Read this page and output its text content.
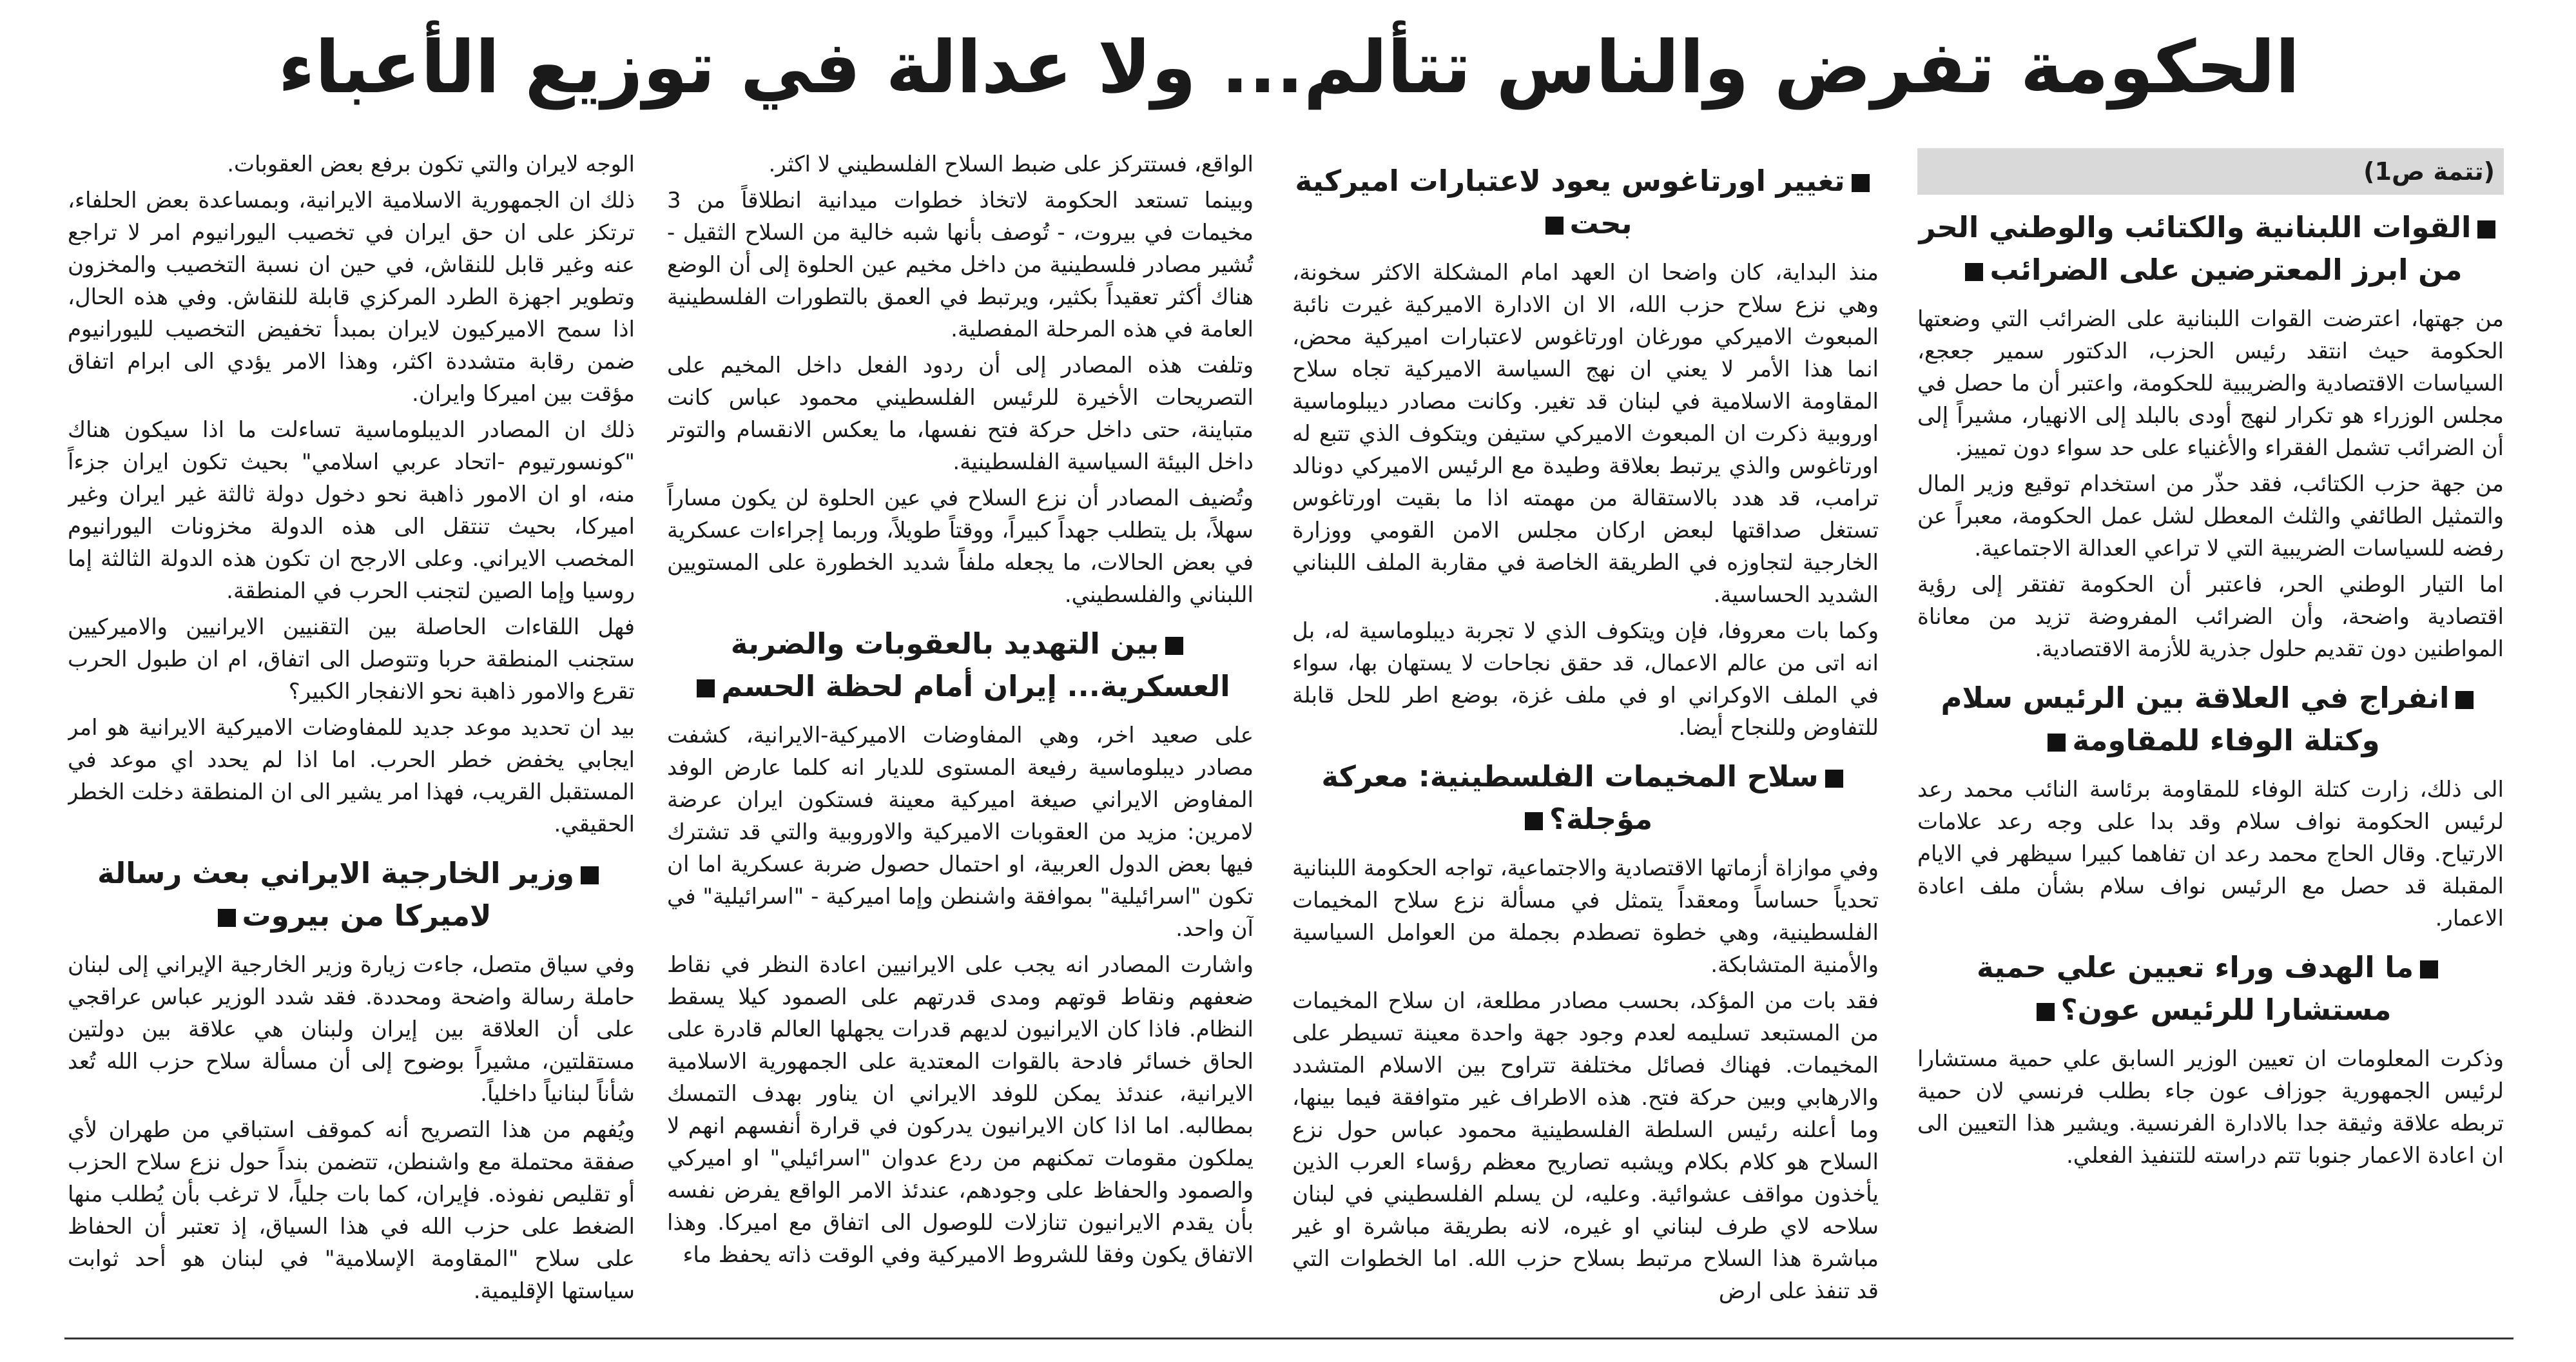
الحكومة تفرض والناس تتألم... ولا عدالة في توزيع الأعباء
(تتمة ص1)
القوات اللبنانية والكتائب والوطني الحر من ابرز المعترضين على الضرائب

من جهتها، اعترضت القوات اللبنانية على الضرائب التي وضعتها الحكومة حيث انتقد رئيس الحزب، الدكتور سمير جعجع، السياسات الاقتصادية والضريبية للحكومة، واعتبر أن ما حصل في مجلس الوزراء هو تكرار لنهج أودى بالبلد إلى الانهيار، مشيراً إلى أن الضرائب تشمل الفقراء والأغنياء على حد سواء دون تمييز.

من جهة حزب الكتائب، فقد حذّر من استخدام توقيع وزير المال والتمثيل الطائفي والثلث المعطل لشل عمل الحكومة، معبراً عن رفضه للسياسات الضريبية التي لا تراعي العدالة الاجتماعية.

اما التيار الوطني الحر، فاعتبر أن الحكومة تفتقر إلى رؤية اقتصادية واضحة، وأن الضرائب المفروضة تزيد من معاناة المواطنين دون تقديم حلول جذرية للأزمة الاقتصادية.

انفراج في العلاقة بين الرئيس سلام وكتلة الوفاء للمقاومة

الى ذلك، زارت كتلة الوفاء للمقاومة برئاسة النائب محمد رعد لرئيس الحكومة نواف سلام وقد بدا على وجه رعد علامات الارتياح. وقال الحاج محمد رعد ان تفاهما كبيرا سيظهر في الايام المقبلة قد حصل مع الرئيس نواف سلام بشأن ملف اعادة الاعمار.

ما الهدف وراء تعيين علي حمية مستشارا للرئيس عون؟

وذكرت المعلومات ان تعيين الوزير السابق علي حمية مستشارا لرئيس الجمهورية جوزاف عون جاء بطلب فرنسي لان حمية تربطه علاقة وثيقة جدا بالادارة الفرنسية. ويشير هذا التعيين الى ان اعادة الاعمار جنوبا تتم دراسته للتنفيذ الفعلي.

تغيير اورتاغوس يعود لاعتبارات اميركية بحت

منذ البداية، كان واضحا ان العهد امام المشكلة الاكثر سخونة، وهي نزع سلاح حزب الله، الا ان الادارة الاميركية غيرت نائبة المبعوث الاميركي مورغان اورتاغوس لاعتبارات اميركية محض، انما هذا الأمر لا يعني ان نهج السياسة الاميركية تجاه سلاح المقاومة الاسلامية في لبنان قد تغير. وكانت مصادر ديبلوماسية اوروبية ذكرت ان المبعوث الاميركي ستيفن ويتكوف الذي تتبع له اورتاغوس والذي يرتبط بعلاقة وطيدة مع الرئيس الاميركي دونالد ترامب، قد هدد بالاستقالة من مهمته اذا ما بقيت اورتاغوس تستغل صداقتها لبعض اركان مجلس الامن القومي ووزارة الخارجية لتجاوزه في الطريقة الخاصة في مقاربة الملف اللبناني الشديد الحساسية.

وكما بات معروفا، فإن ويتكوف الذي لا تجربة ديبلوماسية له، بل انه اتى من عالم الاعمال، قد حقق نجاحات لا يستهان بها، سواء في الملف الاوكراني او في ملف غزة، بوضع اطر للحل قابلة للتفاوض وللنجاح أيضا.

سلاح المخيمات الفلسطينية: معركة مؤجلة؟

وفي موازاة أزماتها الاقتصادية والاجتماعية، تواجه الحكومة اللبنانية تحدياً حساساً ومعقداً يتمثل في مسألة نزع سلاح المخيمات الفلسطينية، وهي خطوة تصطدم بجملة من العوامل السياسية والأمنية المتشابكة.

فقد بات من المؤكد، بحسب مصادر مطلعة، ان سلاح المخيمات من المستبعد تسليمه لعدم وجود جهة واحدة معينة تسيطر على المخيمات. فهناك فصائل مختلفة تتراوح بين الاسلام المتشدد والارهابي وبين حركة فتح. هذه الاطراف غير متوافقة فيما بينها، وما أعلنه رئيس السلطة الفلسطينية محمود عباس حول نزع السلاح هو كلام بكلام ويشبه تصاريح معظم رؤساء العرب الذين يأخذون مواقف عشوائية. وعليه، لن يسلم الفلسطيني في لبنان سلاحه لاي طرف لبناني او غيره، لانه بطريقة مباشرة او غير مباشرة هذا السلاح مرتبط بسلاح حزب الله. اما الخطوات التي قد تنفذ على ارض

الواقع، فستتركز على ضبط السلاح الفلسطيني لا اكثر.

وبينما تستعد الحكومة لاتخاذ خطوات ميدانية انطلاقاً من 3 مخيمات في بيروت، - تُوصف بأنها شبه خالية من السلاح الثقيل - تُشير مصادر فلسطينية من داخل مخيم عين الحلوة إلى أن الوضع هناك أكثر تعقيداً بكثير، ويرتبط في العمق بالتطورات الفلسطينية العامة في هذه المرحلة المفصلية.

وتلفت هذه المصادر إلى أن ردود الفعل داخل المخيم على التصريحات الأخيرة للرئيس الفلسطيني محمود عباس كانت متباينة، حتى داخل حركة فتح نفسها، ما يعكس الانقسام والتوتر داخل البيئة السياسية الفلسطينية.

وتُضيف المصادر أن نزع السلاح في عين الحلوة لن يكون مساراً سهلاً، بل يتطلب جهداً كبيراً، ووقتاً طويلاً، وربما إجراءات عسكرية في بعض الحالات، ما يجعله ملفاً شديد الخطورة على المستويين اللبناني والفلسطيني.

بين التهديد بالعقوبات والضربة العسكرية... إيران أمام لحظة الحسم

على صعيد اخر، وهي المفاوضات الاميركية-الايرانية، كشفت مصادر ديبلوماسية رفيعة المستوى للديار انه كلما عارض الوفد المفاوض الايراني صيغة اميركية معينة فستكون ايران عرضة لامرين: مزيد من العقوبات الاميركية والاوروبية والتي قد تشترك فيها بعض الدول العربية، او احتمال حصول ضربة عسكرية اما ان تكون "اسرائيلية" بموافقة واشنطن وإما اميركية - "اسرائيلية" في آن واحد.

واشارت المصادر انه يجب على الايرانيين اعادة النظر في نقاط ضعفهم ونقاط قوتهم ومدى قدرتهم على الصمود كيلا يسقط النظام. فاذا كان الايرانيون لديهم قدرات يجهلها العالم قادرة على الحاق خسائر فادحة بالقوات المعتدية على الجمهورية الاسلامية الايرانية، عندئذ يمكن للوفد الايراني ان يناور بهدف التمسك بمطالبه. اما اذا كان الايرانيون يدركون في قرارة أنفسهم انهم لا يملكون مقومات تمكنهم من ردع عدوان "اسرائيلي" او اميركي والصمود والحفاظ على وجودهم، عندئذ الامر الواقع يفرض نفسه بأن يقدم الايرانيون تنازلات للوصول الى اتفاق مع اميركا. وهذا الاتفاق يكون وفقا للشروط الاميركية وفي الوقت ذاته يحفظ ماء

الوجه لايران والتي تكون برفع بعض العقوبات.

ذلك ان الجمهورية الاسلامية الايرانية، وبمساعدة بعض الحلفاء، ترتكز على ان حق ايران في تخصيب اليورانيوم امر لا تراجع عنه وغير قابل للنقاش، في حين ان نسبة التخصيب والمخزون وتطوير اجهزة الطرد المركزي قابلة للنقاش. وفي هذه الحال، اذا سمح الاميركيون لايران بمبدأ تخفيض التخصيب لليورانيوم ضمن رقابة متشددة اكثر، وهذا الامر يؤدي الى ابرام اتفاق مؤقت بين اميركا وايران.

ذلك ان المصادر الديبلوماسية تساءلت ما اذا سيكون هناك "كونسورتيوم -اتحاد عربي اسلامي" بحيث تكون ايران جزءاً منه، او ان الامور ذاهبة نحو دخول دولة ثالثة غير ايران وغير اميركا، بحيث تنتقل الى هذه الدولة مخزونات اليورانيوم المخصب الايراني. وعلى الارجح ان تكون هذه الدولة الثالثة إما روسيا وإما الصين لتجنب الحرب في المنطقة.

فهل اللقاءات الحاصلة بين التقنيين الايرانيين والاميركيين ستجنب المنطقة حربا وتتوصل الى اتفاق، ام ان طبول الحرب تقرع والامور ذاهبة نحو الانفجار الكبير؟

بيد ان تحديد موعد جديد للمفاوضات الاميركية الايرانية هو امر ايجابي يخفض خطر الحرب. اما اذا لم يحدد اي موعد في المستقبل القريب، فهذا امر يشير الى ان المنطقة دخلت الخطر الحقيقي.

وزير الخارجية الايراني بعث رسالة لاميركا من بيروت

وفي سياق متصل، جاءت زيارة وزير الخارجية الإيراني إلى لبنان حاملة رسالة واضحة ومحددة. فقد شدد الوزير عباس عراقجي على أن العلاقة بين إيران ولبنان هي علاقة بين دولتين مستقلتين، مشيراً بوضوح إلى أن مسألة سلاح حزب الله تُعد شأناً لبنانياً داخلياً.

ويُفهم من هذا التصريح أنه كموقف استباقي من طهران لأي صفقة محتملة مع واشنطن، تتضمن بنداً حول نزع سلاح الحزب أو تقليص نفوذه. فإيران، كما بات جلياً، لا ترغب بأن يُطلب منها الضغط على حزب الله في هذا السياق، إذ تعتبر أن الحفاظ على سلاح "المقاومة الإسلامية" في لبنان هو أحد ثوابت سياستها الإقليمية.
